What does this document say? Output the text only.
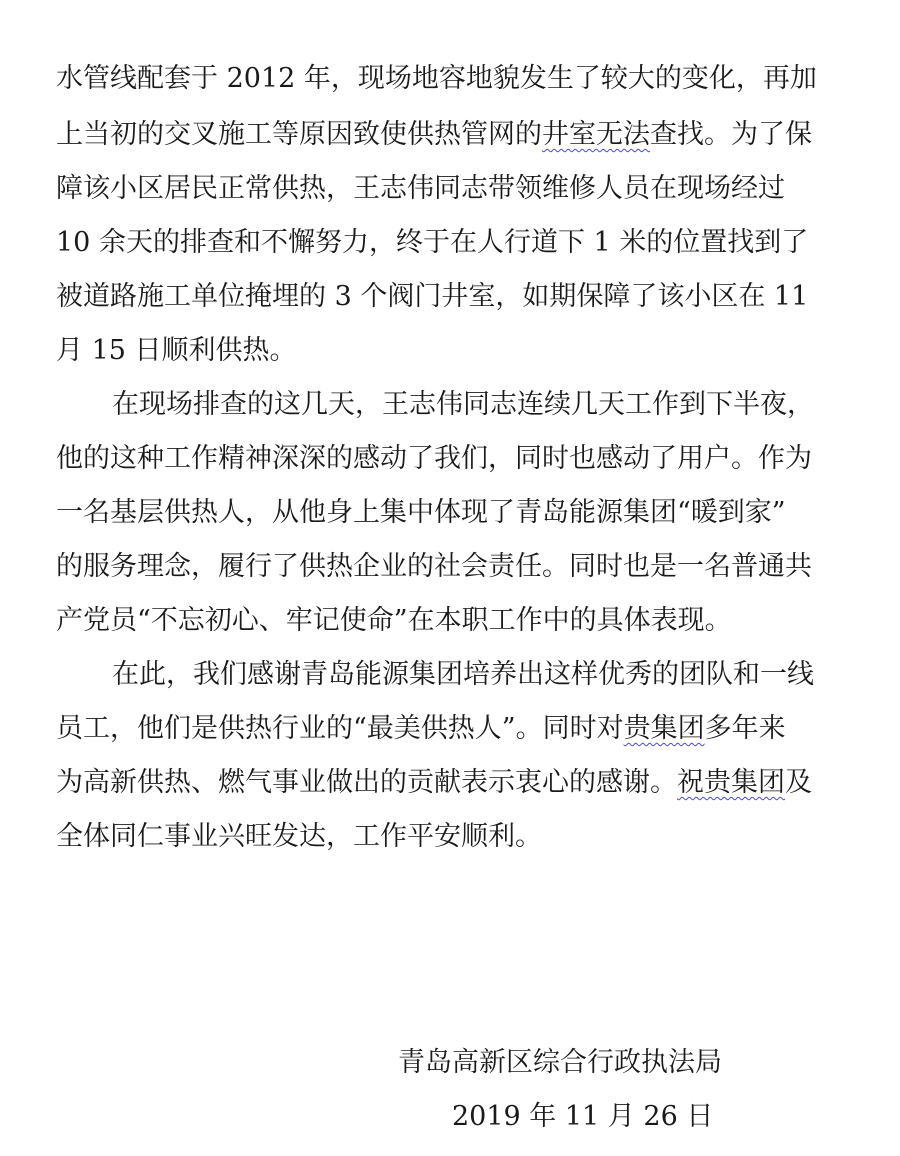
水管线配套于 2012 年，现场地容地貌发生了较大的变化，再加
上当初的交叉施工等原因致使供热管网的井室无法查找。为了保
障该小区居民正常供热，王志伟同志带领维修人员在现场经过
10 余天的排查和不懈努力，终于在人行道下 1 米的位置找到了
被道路施工单位掩埋的 3 个阀门井室，如期保障了该小区在 11
月 15 日顺利供热。
在现场排查的这几天，王志伟同志连续几天工作到下半夜，
他的这种工作精神深深的感动了我们，同时也感动了用户。作为
一名基层供热人，从他身上集中体现了青岛能源集团“暖到家”
的服务理念，履行了供热企业的社会责任。同时也是一名普通共
产党员“不忘初心、牢记使命”在本职工作中的具体表现。
在此，我们感谢青岛能源集团培养出这样优秀的团队和一线
员工，他们是供热行业的“最美供热人”。同时对贵集团多年来
为高新供热、燃气事业做出的贡献表示衷心的感谢。祝贵集团及
全体同仁事业兴旺发达，工作平安顺利。
青岛高新区综合行政执法局
2019 年 11 月 26 日
